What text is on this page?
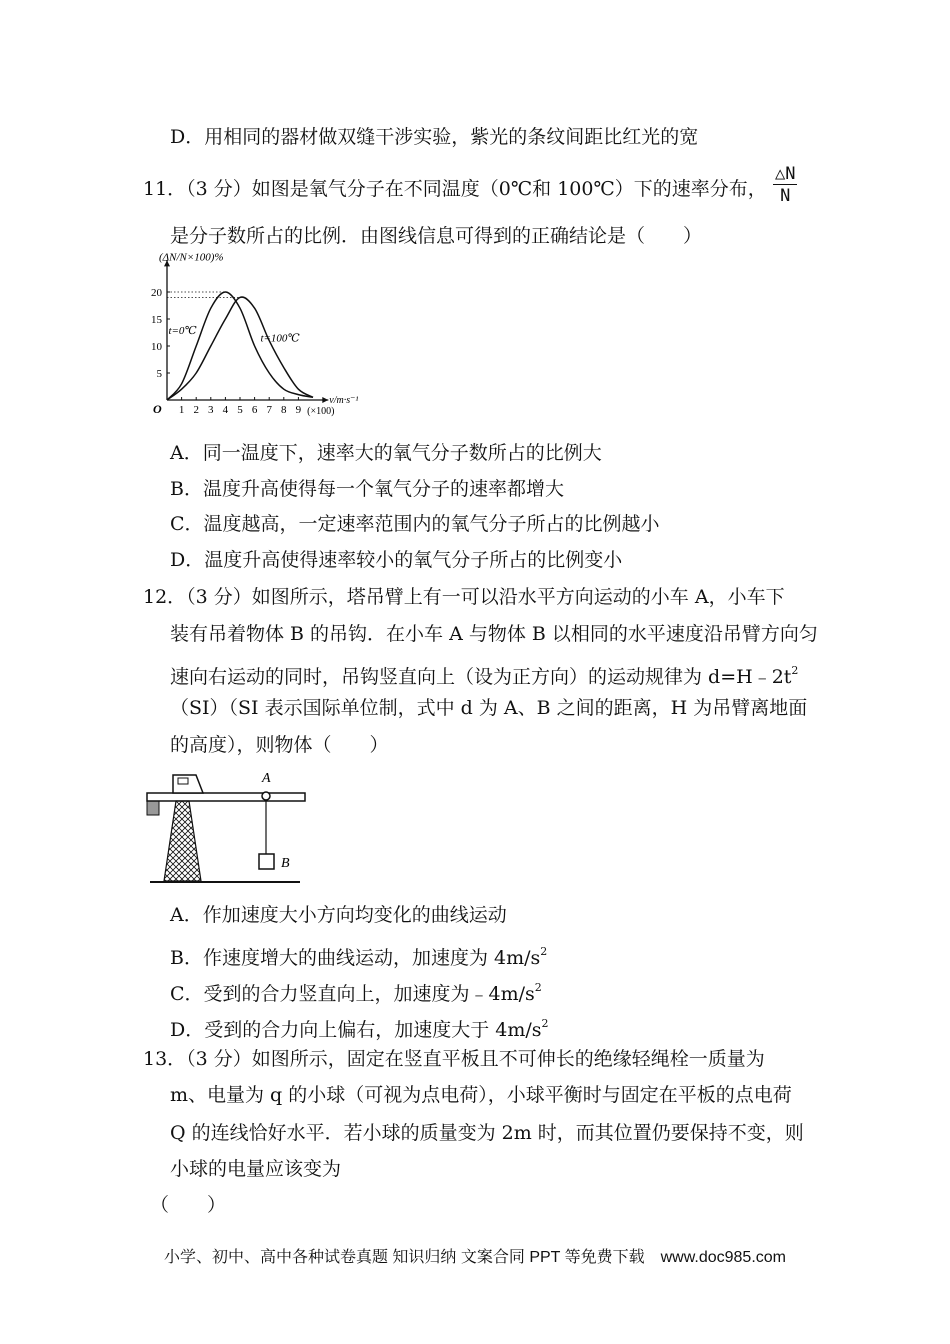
D．用相同的器材做双缝干涉实验，紫光的条纹间距比红光的宽
11．（3 分）如图是氧气分子在不同温度（0℃和 100℃）下的速率分布， $\frac{\triangle N}{N}$
是分子数所占的比例．由图线信息可得到的正确结论是（　　）
1 2 3 4 5 6 7 8 9
5
10
15
20
t=0℃
t=100℃
(ΔN/N×100)%
v/m·s⁻¹
(×100)
O
A．同一温度下，速率大的氧气分子数所占的比例大
B．温度升高使得每一个氧气分子的速率都增大
C．温度越高，一定速率范围内的氧气分子所占的比例越小
D．温度升高使得速率较小的氧气分子所占的比例变小
12．（3 分）如图所示，塔吊臂上有一可以沿水平方向运动的小车 A，小车下
装有吊着物体 B 的吊钩．在小车 A 与物体 B 以相同的水平速度沿吊臂方向匀
速向右运动的同时，吊钩竖直向上（设为正方向）的运动规律为 $d=H﹣2t^2$
（SI）（SI 表示国际单位制，式中 d 为 A、B 之间的距离，H 为吊臂离地面
的高度），则物体（　　）
A
B
A．作加速度大小方向均变化的曲线运动
B．作速度增大的曲线运动，加速度为 $4m/s^2$
C．受到的合力竖直向上，加速度为$﹣4m/s^2$
D．受到的合力向上偏右，加速度大于 $4m/s^2$
13．（3 分）如图所示，固定在竖直平板且不可伸长的绝缘轻绳栓一质量为
m、电量为 q 的小球（可视为点电荷），小球平衡时与固定在平板的点电荷
Q 的连线恰好水平．若小球的质量变为 2m 时，而其位置仍要保持不变，则
小球的电量应该变为
（　　）
小学、初中、高中各种试卷真题 知识归纳 文案合同 PPT 等免费下载　www.doc985.com
